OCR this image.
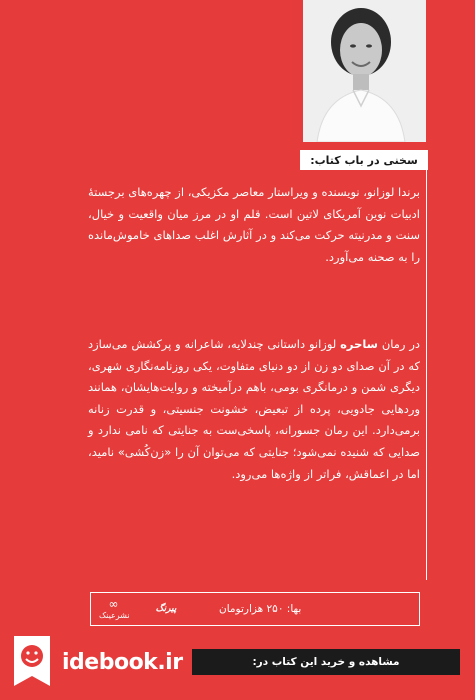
سخنی در باب کتاب:

برندا لوزانو، نویسنده و ویراستار معاصر مکزیکی، از چهره‌های برجستهٔ ادبیات نوین آمریکای لاتین است. قلم او در مرز میان واقعیت و خیال، سنت و مدرنیته حرکت می‌کند و در آثارش اغلب صداهای خاموش‌مانده را به صحنه می‌آورد.

در رمان ساحره لوزانو داستانی چندلایه، شاعرانه و پرکشش می‌سازد که در آن صدای دو زن از دو دنیای متفاوت، یکی روزنامه‌نگاری شهری، دیگری شمن و درمانگری بومی، باهم درآمیخته و روایت‌هایشان، همانند وردهایی جادویی، پرده از تبعیض، خشونت جنسیتی، و قدرت زنانه برمی‌دارد. این رمان جسورانه، پاسخی‌ست به جنایتی که نامی ندارد و صدایی که شنیده نمی‌شود؛ جنایتی که می‌توان آن را «زن‌کُشی» نامید، اما در اعماقش، فراتر از واژه‌ها می‌رود.

∞
نشرعینک
پیرنگ	بها: ۲۵۰ هزارتومان
idebook.ir	مشاهده و خرید این کتاب در:
